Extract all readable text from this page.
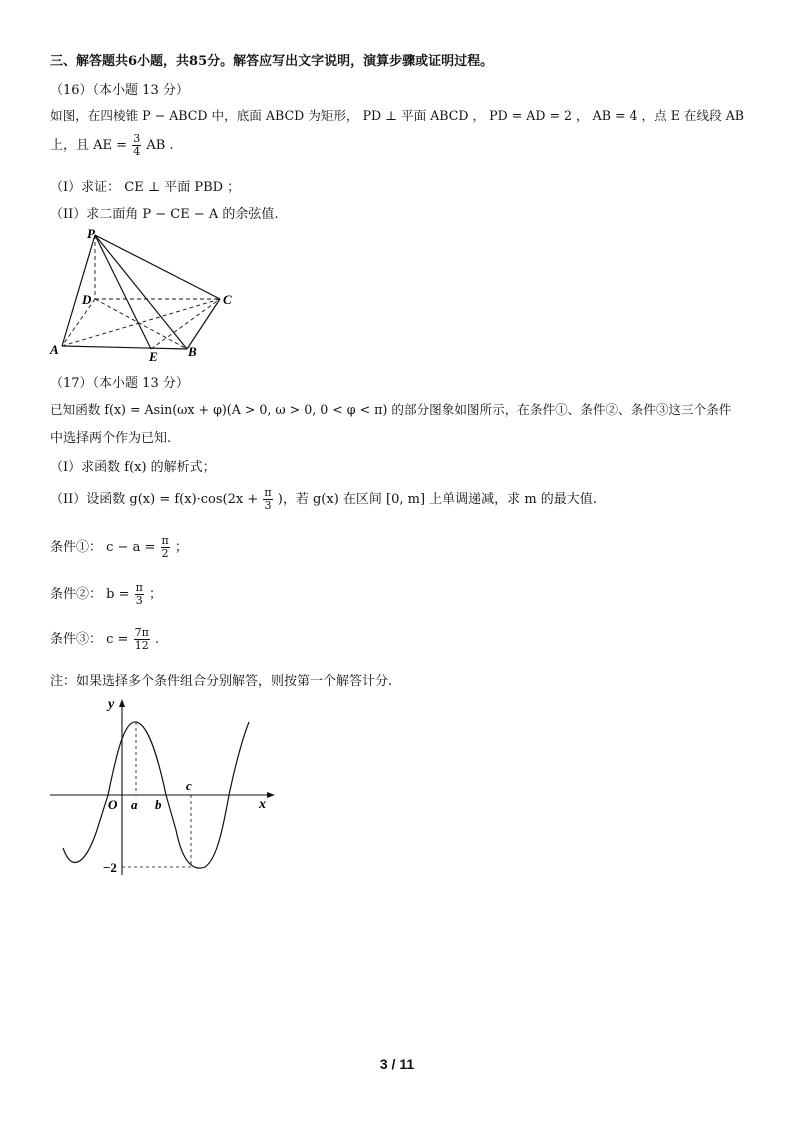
三、解答题共6小题，共85分。解答应写出文字说明，演算步骤或证明过程。
（16）（本小题 13 分）
如图，在四棱锥 P − ABCD 中，底面 ABCD 为矩形， PD ⊥ 平面 ABCD ， PD = AD = 2 ， AB = 4 ，点 E 在线段 AB
上，且 AE = $\frac{3}{4}$ AB .
（I）求证： CE ⊥ 平面 PBD ；
（II）求二面角 P − CE − A 的余弦值.
P
D	C
A	E B
（17）（本小题 13 分）
已知函数 f(x) = Asin(ωx + φ)(A > 0, ω > 0, 0 < φ < π) 的部分图象如图所示，在条件①、条件②、条件③这三个条件
中选择两个作为已知.
（I）求函数 f(x) 的解析式；
（II）设函数 $g(x) = f(x)\cdot\cos(2x + \frac{\pi}{3}$ )，若 g(x) 在区间 [0, m] 上单调递减，求 m 的最大值.
条件①： $c - a = \frac{\pi}{2}$ ；
条件②： $b = \frac{\pi}{3}$ ；
条件③： $c = \frac{7\pi}{12}$ .
注：如果选择多个条件组合分别解答，则按第一个解答计分.
y
x
O a b
c
−2
3 / 11
